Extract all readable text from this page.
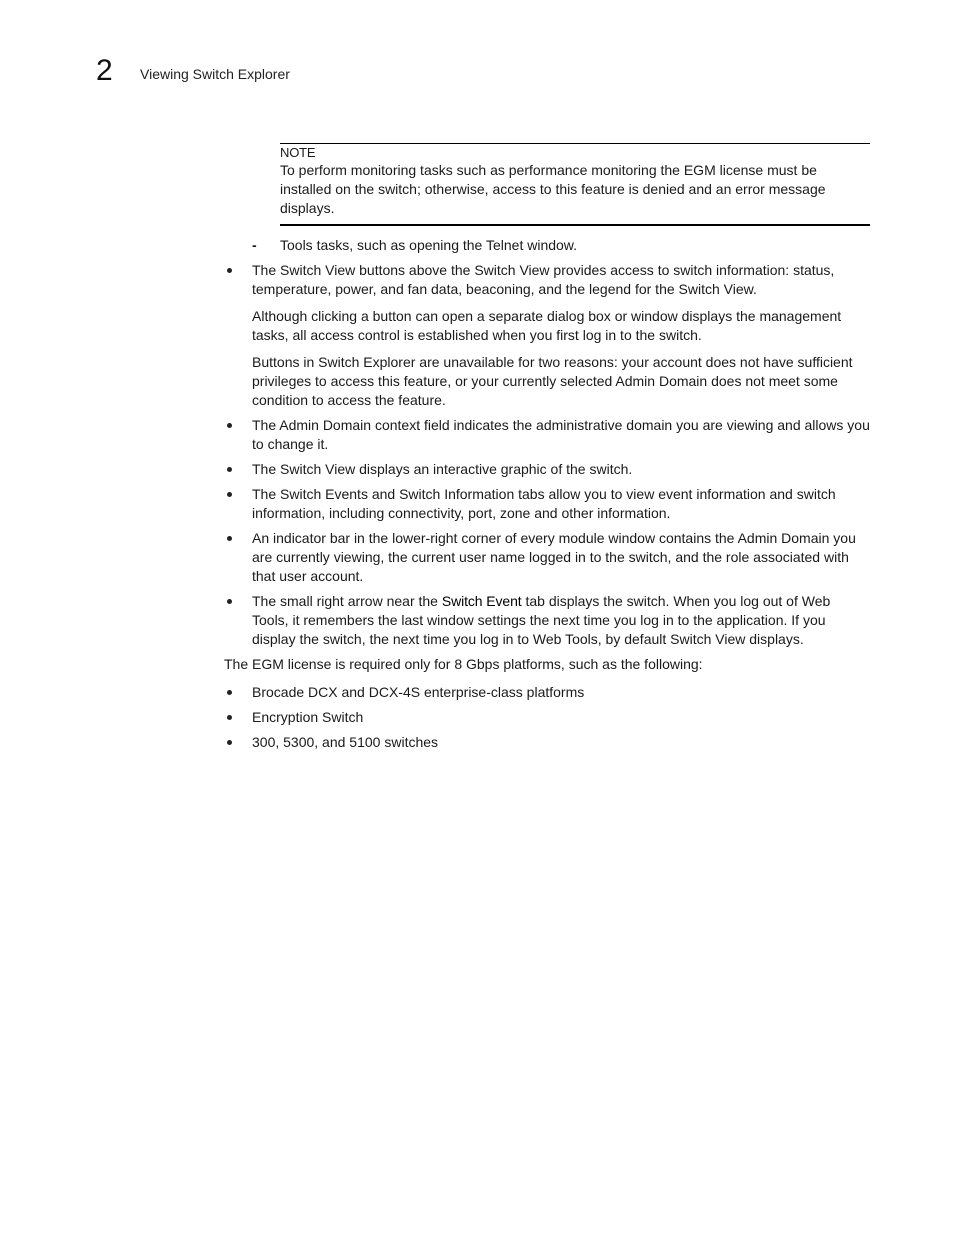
2 Viewing Switch Explorer
NOTE

To perform monitoring tasks such as performance monitoring the EGM license must be installed on the switch; otherwise, access to this feature is denied and an error message displays.

- Tools tasks, such as opening the Telnet window.

The Switch View buttons above the Switch View provides access to switch information: status, temperature, power, and fan data, beaconing, and the legend for the Switch View.

Although clicking a button can open a separate dialog box or window displays the management tasks, all access control is established when you first log in to the switch.

Buttons in Switch Explorer are unavailable for two reasons: your account does not have sufficient privileges to access this feature, or your currently selected Admin Domain does not meet some condition to access the feature.

The Admin Domain context field indicates the administrative domain you are viewing and allows you to change it.

The Switch View displays an interactive graphic of the switch.

The Switch Events and Switch Information tabs allow you to view event information and switch information, including connectivity, port, zone and other information.

An indicator bar in the lower-right corner of every module window contains the Admin Domain you are currently viewing, the current user name logged in to the switch, and the role associated with that user account.

The small right arrow near the Switch Event tab displays the switch. When you log out of Web Tools, it remembers the last window settings the next time you log in to the application. If you display the switch, the next time you log in to Web Tools, by default Switch View displays.

The EGM license is required only for 8 Gbps platforms, such as the following:

Brocade DCX and DCX-4S enterprise-class platforms

Encryption Switch

300, 5300, and 5100 switches
